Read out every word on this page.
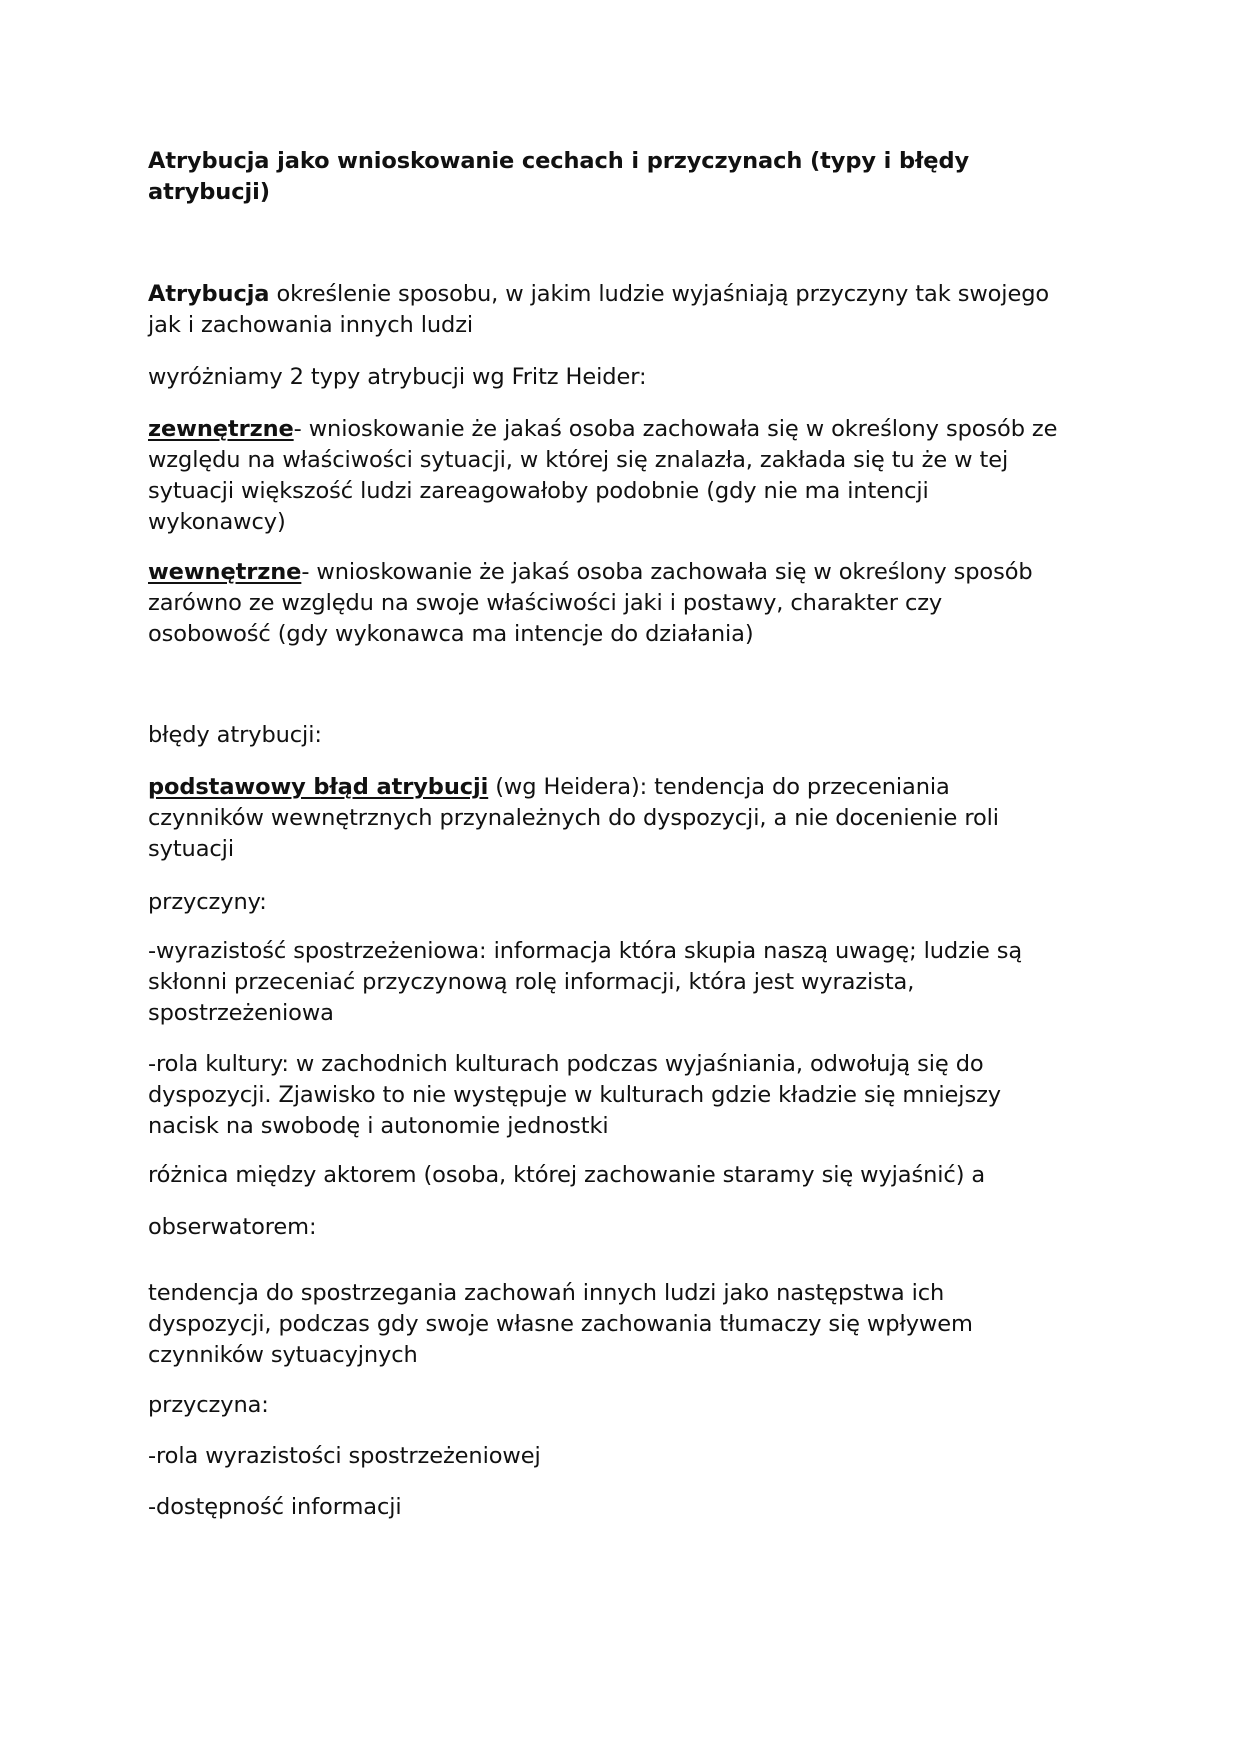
Atrybucja jako wnioskowanie cechach i przyczynach (typy i błędy
atrybucji)

Atrybucja określenie sposobu, w jakim ludzie wyjaśniają przyczyny tak swojego
jak i zachowania innych ludzi

wyróżniamy 2 typy atrybucji wg Fritz Heider:

zewnętrzne- wnioskowanie że jakaś osoba zachowała się w określony sposób ze
względu na właściwości sytuacji, w której się znalazła, zakłada się tu że w tej
sytuacji większość ludzi zareagowałoby podobnie (gdy nie ma intencji
wykonawcy)

wewnętrzne- wnioskowanie że jakaś osoba zachowała się w określony sposób
zarówno ze względu na swoje właściwości jaki i postawy, charakter czy
osobowość (gdy wykonawca ma intencje do działania)

błędy atrybucji:

podstawowy błąd atrybucji (wg Heidera): tendencja do przeceniania
czynników wewnętrznych przynależnych do dyspozycji, a nie docenienie roli
sytuacji

przyczyny:

-wyrazistość spostrzeżeniowa: informacja która skupia naszą uwagę; ludzie są
skłonni przeceniać przyczynową rolę informacji, która jest wyrazista,
spostrzeżeniowa

-rola kultury: w zachodnich kulturach podczas wyjaśniania, odwołują się do
dyspozycji. Zjawisko to nie występuje w kulturach gdzie kładzie się mniejszy
nacisk na swobodę i autonomie jednostki

różnica między aktorem (osoba, której zachowanie staramy się wyjaśnić) a

obserwatorem:

tendencja do spostrzegania zachowań innych ludzi jako następstwa ich
dyspozycji, podczas gdy swoje własne zachowania tłumaczy się wpływem
czynników sytuacyjnych

przyczyna:

-rola wyrazistości spostrzeżeniowej

-dostępność informacji
